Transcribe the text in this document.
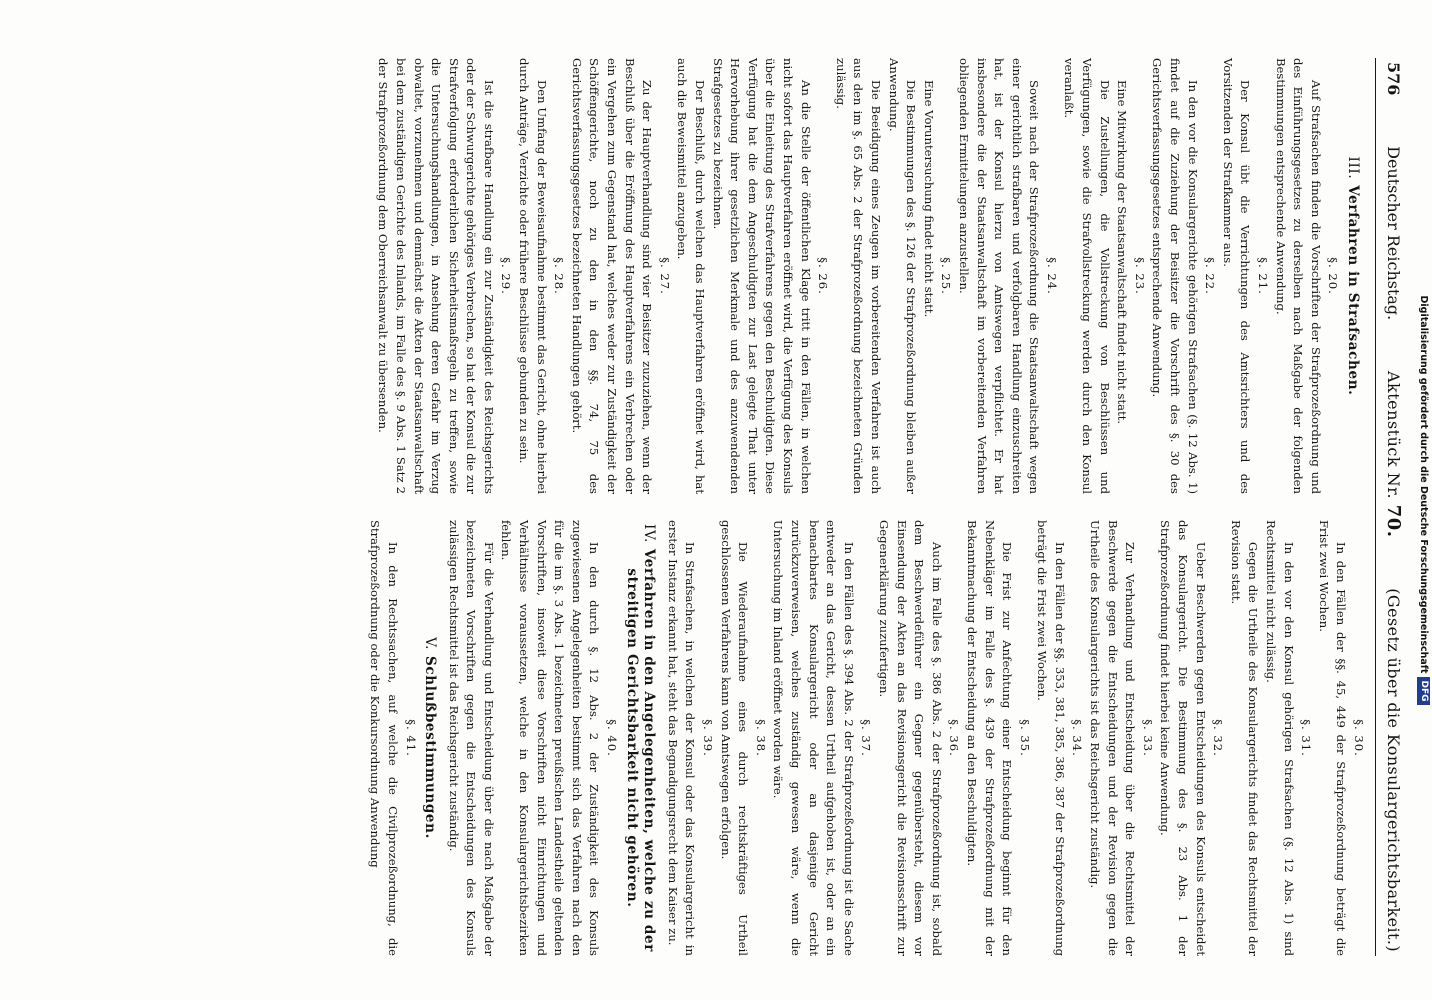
576
Deutscher Reichstag.
Aktenstück Nr. 70.
(Gesetz über die Konsulargerichtsbarkeit.)
III.Verfahren in Strafsachen.

§. 20.

Auf Strafsachen finden die Vorschriften der Strafprozeßordnung und des Einführungsgesetzes zu derselben nach Maßgabe der folgenden Bestimmungen entsprechende Anwendung.

§. 21.

Der Konsul übt die Verrichtungen des Amtsrichters und des Vorsitzenden der Strafkammer aus.

§. 22.

In den vor die Konsulargerichte gehörigen Strafsachen (§. 12 Abs. 1) findet auf die Zuziehung der Beisitzer die Vorschrift des §. 30 des Gerichtsverfassungsgesetzes entsprechende Anwendung.

§. 23.

Eine Mitwirkung der Staatsanwaltschaft findet nicht statt.

Die Zustellungen, die Vollstreckung von Beschlüssen und Verfügungen, sowie die Strafvollstreckung werden durch den Konsul veranlaßt.

§. 24.

Soweit nach der Strafprozeßordnung die Staatsanwaltschaft wegen einer gerichtlich strafbaren und verfolgbaren Handlung einzuschreiten hat, ist der Konsul hierzu von Amtswegen verpflichtet. Er hat insbesondere die der Staatsanwaltschaft im vorbereitenden Verfahren obliegenden Ermittelungen anzustellen.

§. 25.

Eine Voruntersuchung findet nicht statt.

Die Bestimmungen des §. 126 der Strafprozeßordnung bleiben außer Anwendung.

Die Beeidigung eines Zeugen im vorbereitenden Verfahren ist auch aus den im §. 65 Abs. 2 der Strafprozeßordnung bezeichneten Gründen zulässig.

§. 26.

An die Stelle der öffentlichen Klage tritt in den Fällen, in welchen nicht sofort das Hauptverfahren eröffnet wird, die Verfügung des Konsuls über die Einleitung des Strafverfahrens gegen den Beschuldigten. Diese Verfügung hat die dem Angeschuldigten zur Last gelegte That unter Hervorhebung ihrer gesetzlichen Merkmale und des anzuwendenden Strafgesetzes zu bezeichnen.

Der Beschluß, durch welchen das Hauptverfahren eröffnet wird, hat auch die Beweismittel anzugeben.

§. 27.

Zu der Hauptverhandlung sind vier Beisitzer zuzuziehen, wenn der Beschluß über die Eröffnung des Hauptverfahrens ein Verbrechen oder ein Vergehen zum Gegenstand hat, welches weder zur Zuständigkeit der Schöffengerichte, noch zu den in den §§. 74, 75 des Gerichtsverfassungsgesetzes bezeichneten Handlungen gehört.

§. 28.

Den Umfang der Beweisaufnahme bestimmt das Gericht, ohne hierbei durch Anträge, Verzichte oder frühere Beschlüsse gebunden zu sein.

§. 29.

Ist die strafbare Handlung ein zur Zuständigkeit des Reichsgerichts oder der Schwurgerichte gehöriges Verbrechen, so hat der Konsul die zur Strafverfolgung erforderlichen Sicherheitsmaßregeln zu treffen, sowie die Untersuchungshandlungen, in Ansehung deren Gefahr im Verzug obwaltet, vorzunehmen und demnächst die Akten der Staatsanwaltschaft bei dem zuständigen Gerichte des Inlands, im Falle des §. 9 Abs. 1 Satz 2 der Strafprozeßordnung dem Oberreichsanwalt zu übersenden.

§. 30.

In den Fällen der §§. 45, 449 der Strafprozeßordnung beträgt die Frist zwei Wochen.

§. 31.

In den vor den Konsul gehörigen Strafsachen (§. 12 Abs. 1) sind Rechtsmittel nicht zulässig.

Gegen die Urtheile des Konsulargerichts findet das Rechtsmittel der Revision statt.

§. 32.

Ueber Beschwerden gegen Entscheidungen des Konsuls entscheidet das Konsulargericht. Die Bestimmung des §. 23 Abs. 1 der Strafprozeßordnung findet hierbei keine Anwendung.

§. 33.

Zur Verhandlung und Entscheidung über die Rechtsmittel der Beschwerde gegen die Entscheidungen und der Revision gegen die Urtheile des Konsulargerichts ist das Reichsgericht zuständig.

§. 34.

In den Fällen der §§. 353, 381, 385, 386, 387 der Strafprozeßordnung beträgt die Frist zwei Wochen.

§. 35.

Die Frist zur Anfechtung einer Entscheidung beginnt für den Nebenkläger im Falle des §. 439 der Strafprozeßordnung mit der Bekanntmachung der Entscheidung an den Beschuldigten.

§. 36.

Auch im Falle des §. 386 Abs. 2 der Strafprozeßordnung ist, sobald dem Beschwerdeführer ein Gegner gegenübersteht, diesem vor Einsendung der Akten an das Revisionsgericht die Revisionsschrift zur Gegenerklärung zuzufertigen.

§. 37.

In den Fällen des §. 394 Abs. 2 der Strafprozeßordnung ist die Sache entweder an das Gericht, dessen Urtheil aufgehoben ist, oder an ein benachbartes Konsulargericht oder an dasjenige Gericht zurückzuverweisen, welches zuständig gewesen wäre, wenn die Untersuchung im Inland eröffnet worden wäre.

§. 38.

Die Wiederaufnahme eines durch rechtskräftiges Urtheil geschlossenen Verfahrens kann von Amtswegen erfolgen.

§. 39.

In Strafsachen, in welchen der Konsul oder das Konsulargericht in erster Instanz erkannt hat, steht das Begnadigungsrecht dem Kaiser zu.

IV.Verfahren in den Angelegenheiten, welche zu der streitigen Gerichtsbarkeit nicht gehören.

§. 40.

In den durch §. 12 Abs. 2 der Zuständigkeit des Konsuls zugewiesenen Angelegenheiten bestimmt sich das Verfahren nach den für die im §. 3 Abs. 1 bezeichneten preußischen Landestheile geltenden Vorschriften, insoweit diese Vorschriften nicht Einrichtungen und Verhältnisse voraussetzen, welche in den Konsulargerichtsbezirken fehlen.

Für die Verhandlung und Entscheidung über die nach Maßgabe der bezeichneten Vorschriften gegen die Entscheidungen des Konsuls zulässigen Rechtsmittel ist das Reichsgericht zuständig.

V.Schlußbestimmungen.

§. 41.

In den Rechtssachen, auf welche die Civilprozeßordnung, die Strafprozeßordnung oder die Konkursordnung Anwendung

Digitalisierung gefördert durch die Deutsche Forschungsgemeinschaft
DFG
